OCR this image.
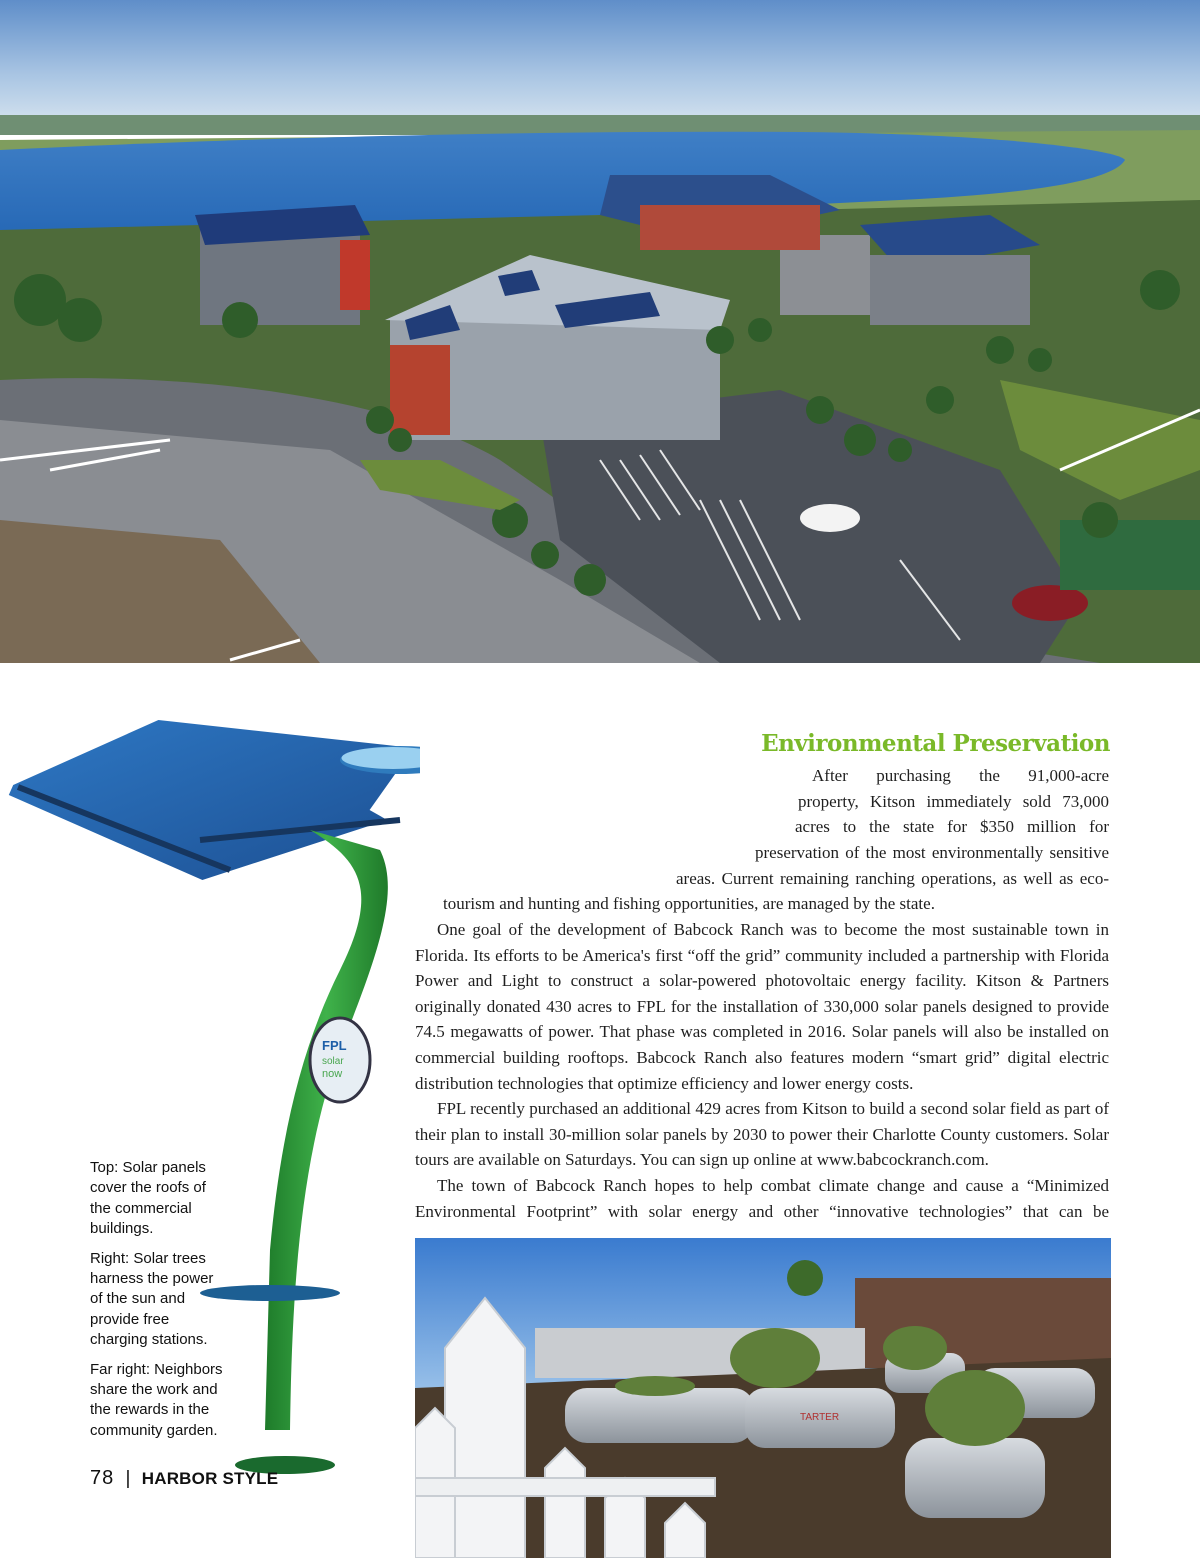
FPL
solar
now
Environmental Preservation
After purchasing the 91,000-acre
property, Kitson immediately sold 73,000
acres to the state for $350 million for
preservation of the most environmentally sensitive
areas. Current remaining ranching operations, as well as eco-
tourism and hunting and fishing opportunities, are managed by the state.
One goal of the development of Babcock Ranch was to become the most sustainable town in Florida. Its efforts to be America's first “off the grid” community included a partnership with Florida Power and Light to construct a solar-powered photovoltaic energy facility. Kitson & Partners originally donated 430 acres to FPL for the installation of 330,000 solar panels designed to provide 74.5 megawatts of power. That phase was completed in 2016. Solar panels will also be installed on commercial building rooftops. Babcock Ranch also features modern “smart grid” digital electric distribution technologies that optimize efficiency and lower energy costs.
FPL recently purchased an additional 429 acres from Kitson to build a second solar field as part of their plan to install 30-million solar panels by 2030 to power their Charlotte County customers. Solar tours are available on Saturdays. You can sign up online at www.babcockranch.com.
The town of Babcock Ranch hopes to help combat climate change and cause a “Minimized Environmental Footprint” with solar energy and other “innovative technologies” that can be
TARTER

Top: Solar panels cover the roofs of the commercial buildings.

Right: Solar trees harness the power of the sun and provide free charging stations.

Far right: Neighbors share the work and the rewards in the community garden.

78 | HARBOR STYLE
